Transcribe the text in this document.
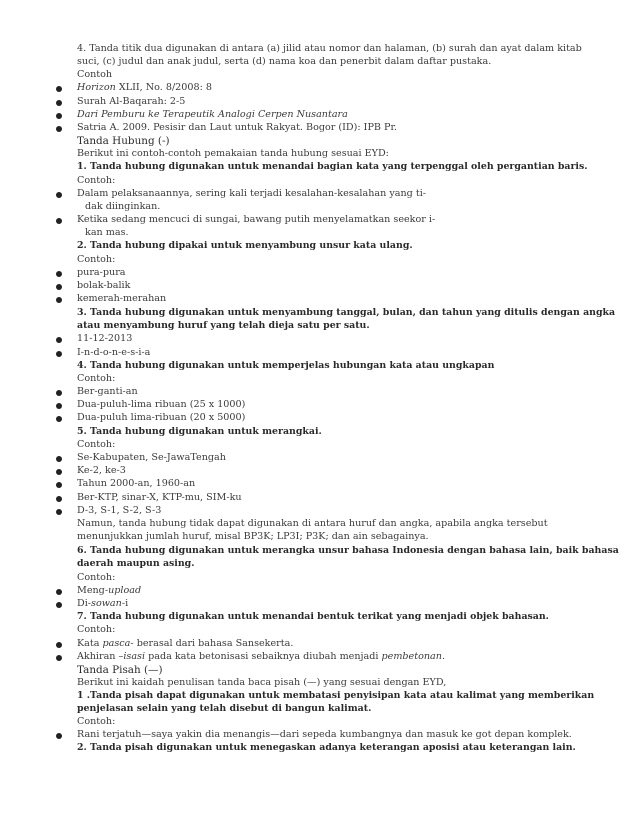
4. Tanda titik dua digunakan di antara (a) jilid atau nomor dan halaman, (b) surah dan ayat dalam kitab
suci, (c) judul dan anak judul, serta (d) nama koa dan penerbit dalam daftar pustaka.
Contoh
Horizon XLII, No. 8/2008: 8
Surah Al-Baqarah: 2-5
Dari Pemburu ke Terapeutik Analogi Cerpen Nusantara
Satria A. 2009. Pesisir dan Laut untuk Rakyat. Bogor (ID): IPB Pr.
Tanda Hubung (-)
Berikut ini contoh-contoh pemakaian tanda hubung sesuai EYD:
1. Tanda hubung digunakan untuk menandai bagian kata yang terpenggal oleh pergantian baris.
Contoh:
Dalam pelaksanaannya, sering kali terjadi kesalahan-kesalahan yang ti-
dak diinginkan.
Ketika sedang mencuci di sungai, bawang putih menyelamatkan seekor i-
kan mas.
2. Tanda hubung dipakai untuk menyambung unsur kata ulang.
Contoh:
pura-pura
bolak-balik
kemerah-merahan
3. Tanda hubung digunakan untuk menyambung tanggal, bulan, dan tahun yang ditulis dengan angka
atau menyambung huruf yang telah dieja satu per satu.
11-12-2013
I-n-d-o-n-e-s-i-a
4. Tanda hubung digunakan untuk memperjelas hubungan kata atau ungkapan
Contoh:
Ber-ganti-an
Dua-puluh-lima ribuan (25 x 1000)
Dua-puluh lima-ribuan (20 x 5000)
5. Tanda hubung digunakan untuk merangkai.
Contoh:
Se-Kabupaten, Se-JawaTengah
Ke-2, ke-3
Tahun 2000-an, 1960-an
Ber-KTP, sinar-X, KTP-mu, SIM-ku
D-3, S-1, S-2, S-3
Namun, tanda hubung tidak dapat digunakan di antara huruf dan angka, apabila angka tersebut
menunjukkan jumlah huruf, misal BP3K; LP3I; P3K; dan ain sebagainya.
6. Tanda hubung digunakan untuk merangka unsur bahasa Indonesia dengan bahasa lain, baik bahasa
daerah maupun asing.
Contoh:
Meng-upload
Di-sowan-i
7. Tanda hubung digunakan untuk menandai bentuk terikat yang menjadi objek bahasan.
Contoh:
Kata pasca- berasal dari bahasa Sansekerta.
Akhiran –isasi pada kata betonisasi sebaiknya diubah menjadi pembetonan.
Tanda Pisah (—)
Berikut ini kaidah penulisan tanda baca pisah (—) yang sesuai dengan EYD,
1 .Tanda pisah dapat digunakan untuk membatasi penyisipan kata atau kalimat yang memberikan
penjelasan selain yang telah disebut di bangun kalimat.
Contoh:
Rani terjatuh—saya yakin dia menangis—dari sepeda kumbangnya dan masuk ke got depan komplek.
2. Tanda pisah digunakan untuk menegaskan adanya keterangan aposisi atau keterangan lain.
